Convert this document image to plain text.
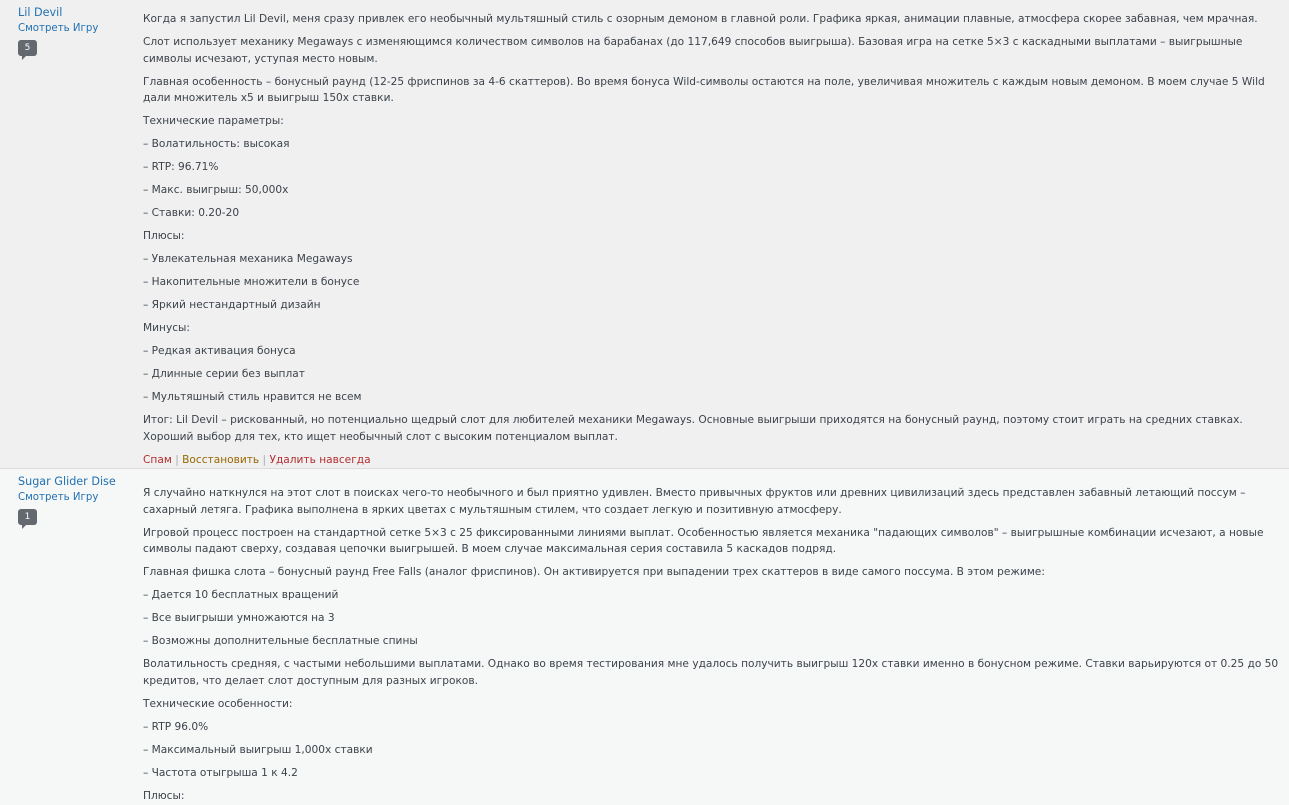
Lil Devil
Смотреть Игру
5

Когда я запустил Lil Devil, меня сразу привлек его необычный мультяшный стиль с озорным демоном в главной роли. Графика яркая, анимации плавные, атмосфера скорее забавная, чем мрачная.

Слот использует механику Megaways с изменяющимся количеством символов на барабанах (до 117,649 способов выигрыша). Базовая игра на сетке 5×3 с каскадными выплатами – выигрышные символы исчезают, уступая место новым.

Главная особенность – бонусный раунд (12-25 фриспинов за 4-6 скаттеров). Во время бонуса Wild-символы остаются на поле, увеличивая множитель с каждым новым демоном. В моем случае 5 Wild дали множитель x5 и выигрыш 150x ставки.

Технические параметры:

– Волатильность: высокая

– RTP: 96.71%

– Макс. выигрыш: 50,000x

– Ставки: 0.20-20

Плюсы:

– Увлекательная механика Megaways

– Накопительные множители в бонусе

– Яркий нестандартный дизайн

Минусы:

– Редкая активация бонуса

– Длинные серии без выплат

– Мультяшный стиль нравится не всем

Итог: Lil Devil – рискованный, но потенциально щедрый слот для любителей механики Megaways. Основные выигрыши приходятся на бонусный раунд, поэтому стоит играть на средних ставках. Хороший выбор для тех, кто ищет необычный слот с высоким потенциалом выплат.

Спам | Восстановить | Удалить навсегда
Sugar Glider Dise
Смотреть Игру
1

Я случайно наткнулся на этот слот в поисках чего-то необычного и был приятно удивлен. Вместо привычных фруктов или древних цивилизаций здесь представлен забавный летающий поссум – сахарный летяга. Графика выполнена в ярких цветах с мультяшным стилем, что создает легкую и позитивную атмосферу.

Игровой процесс построен на стандартной сетке 5×3 с 25 фиксированными линиями выплат. Особенностью является механика "падающих символов" – выигрышные комбинации исчезают, а новые символы падают сверху, создавая цепочки выигрышей. В моем случае максимальная серия составила 5 каскадов подряд.

Главная фишка слота – бонусный раунд Free Falls (аналог фриспинов). Он активируется при выпадении трех скаттеров в виде самого поссума. В этом режиме:

– Дается 10 бесплатных вращений

– Все выигрыши умножаются на 3

– Возможны дополнительные бесплатные спины

Волатильность средняя, с частыми небольшими выплатами. Однако во время тестирования мне удалось получить выигрыш 120x ставки именно в бонусном режиме. Ставки варьируются от 0.25 до 50 кредитов, что делает слот доступным для разных игроков.

Технические особенности:

– RTP 96.0%

– Максимальный выигрыш 1,000x ставки

– Частота отыгрыша 1 к 4.2

Плюсы:
